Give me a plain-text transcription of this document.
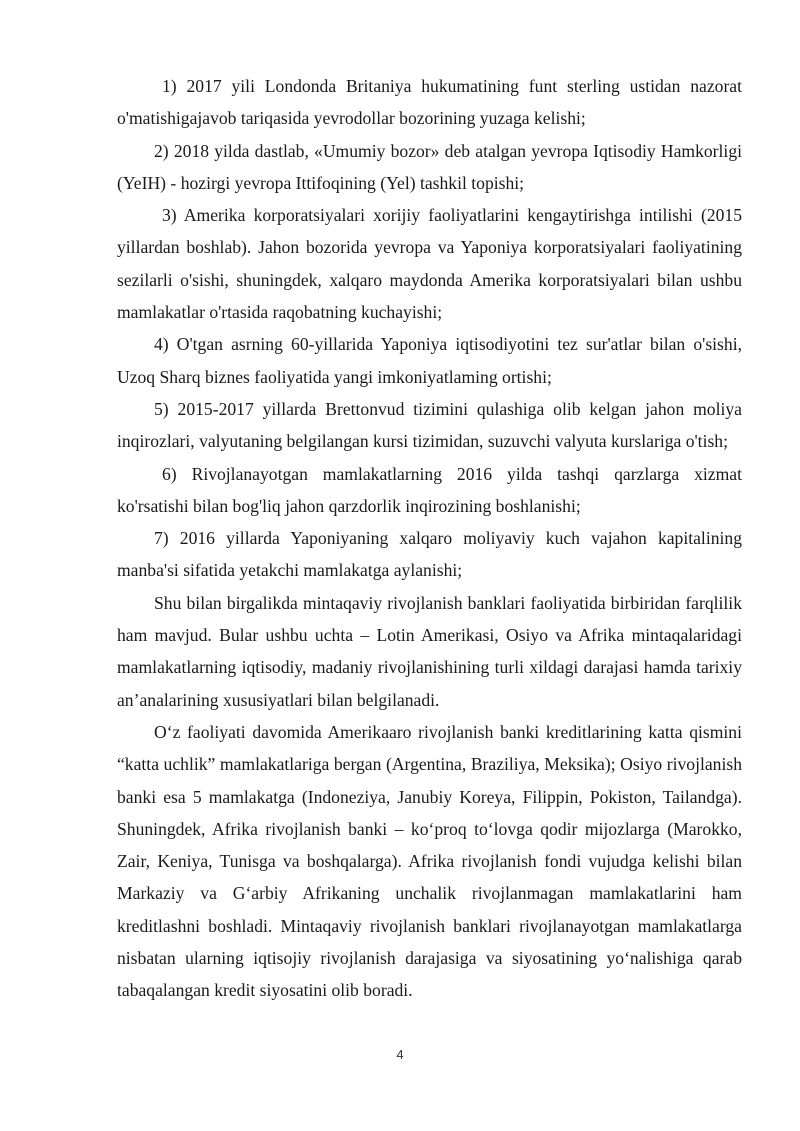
1) 2017 yili Londonda Britaniya hukumatining funt sterling ustidan nazorat o'matishigajavob tariqasida yevrodollar bozorining yuzaga kelishi;

2) 2018 yilda dastlab, «Umumiy bozor» deb atalgan yevropa Iqtisodiy Hamkorligi (YeIH) - hozirgi yevropa Ittifoqining (Yel) tashkil topishi;

3) Amerika korporatsiyalari xorijiy faoliyatlarini kengaytirishga intilishi (2015 yillardan boshlab). Jahon bozorida yevropa va Yaponiya korporatsiyalari faoliyatining sezilarli o'sishi, shuningdek, xalqaro maydonda Amerika korporatsiyalari bilan ushbu mamlakatlar o'rtasida raqobatning kuchayishi;

4) O'tgan asrning 60-yillarida Yaponiya iqtisodiyotini tez sur'atlar bilan o'sishi, Uzoq Sharq biznes faoliyatida yangi imkoniyatlaming ortishi;

5) 2015-2017 yillarda Brettonvud tizimini qulashiga olib kelgan jahon moliya inqirozlari, valyutaning belgilangan kursi tizimidan, suzuvchi valyuta kurslariga o'tish;

6) Rivojlanayotgan mamlakatlarning 2016 yilda tashqi qarzlarga xizmat ko'rsatishi bilan bog'liq jahon qarzdorlik inqirozining boshlanishi;

7) 2016 yillarda Yaponiyaning xalqaro moliyaviy kuch vajahon kapitalining manba'si sifatida yetakchi mamlakatga aylanishi;

Shu bilan birgalikda mintaqaviy rivojlanish banklari faoliyatida birbiridan farqlilik ham mavjud. Bular ushbu uchta – Lotin Amerikasi, Osiyo va Afrika mintaqalaridagi mamlakatlarning iqtisodiy, madaniy rivojlanishining turli xildagi darajasi hamda tarixiy an’analarining xususiyatlari bilan belgilanadi.

O‘z faoliyati davomida Amerikaaro rivojlanish banki kreditlarining katta qismini “katta uchlik” mamlakatlariga bergan (Argentina, Braziliya, Meksika); Osiyo rivojlanish banki esa 5 mamlakatga (Indoneziya, Janubiy Koreya, Filippin, Pokiston, Tailandga). Shuningdek, Afrika rivojlanish banki – ko‘proq to‘lovga qodir mijozlarga (Marokko, Zair, Keniya, Tunisga va boshqalarga). Afrika rivojlanish fondi vujudga kelishi bilan Markaziy va G‘arbiy Afrikaning unchalik rivojlanmagan mamlakatlarini ham kreditlashni boshladi. Mintaqaviy rivojlanish banklari rivojlanayotgan mamlakatlarga nisbatan ularning iqtisojiy rivojlanish darajasiga va siyosatining yo‘nalishiga qarab tabaqalangan kredit siyosatini olib boradi.

4
